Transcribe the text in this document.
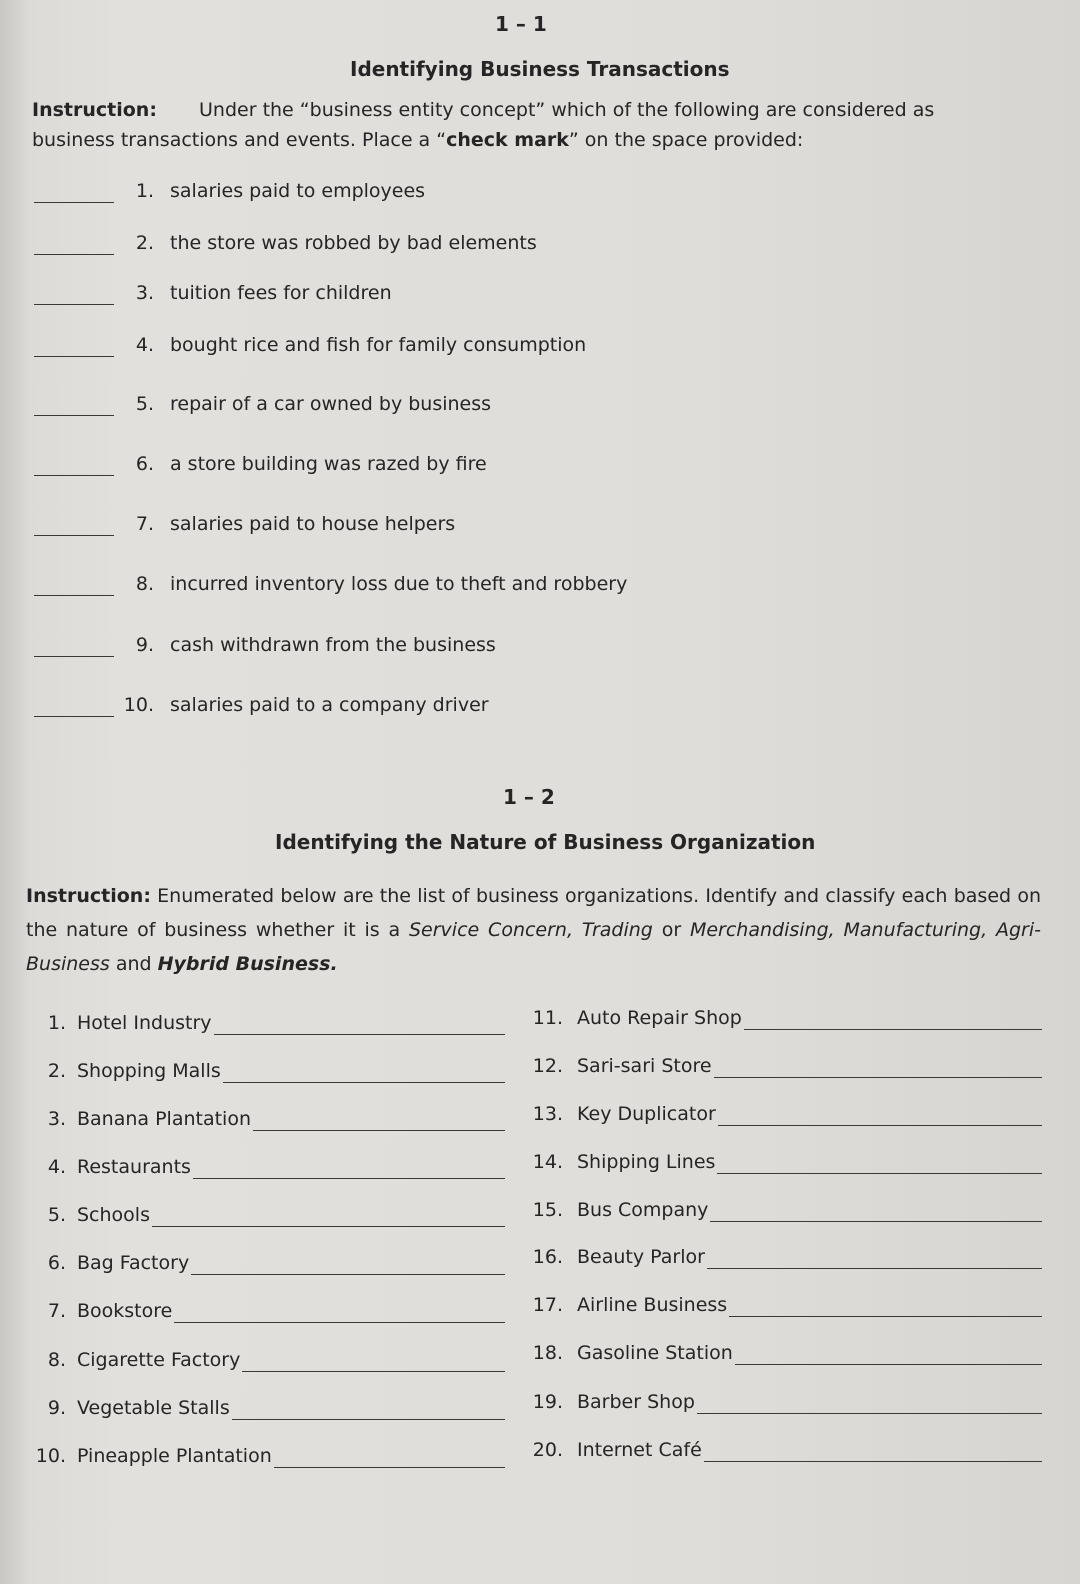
1 – 1
Identifying Business Transactions
Instruction: Under the “business entity concept” which of the following are considered as
business transactions and events. Place a “check mark” on the space provided:
1. salaries paid to employees
2. the store was robbed by bad elements
3. tuition fees for children
4. bought rice and fish for family consumption
5. repair of a car owned by business
6. a store building was razed by fire
7. salaries paid to house helpers
8. incurred inventory loss due to theft and robbery
9. cash withdrawn from the business
10. salaries paid to a company driver
1 – 2
Identifying the Nature of Business Organization
Instruction: Enumerated below are the list of business organizations. Identify and classify each based on the nature of business whether it is a Service Concern, Trading or Merchandising, Manufacturing, Agri-Business and Hybrid Business.
1. Hotel Industry
2. Shopping Malls
3. Banana Plantation
4. Restaurants
5. Schools
6. Bag Factory
7. Bookstore
8. Cigarette Factory
9. Vegetable Stalls
10. Pineapple Plantation
11. Auto Repair Shop
12. Sari-sari Store
13. Key Duplicator
14. Shipping Lines
15. Bus Company
16. Beauty Parlor
17. Airline Business
18. Gasoline Station
19. Barber Shop
20. Internet Café
